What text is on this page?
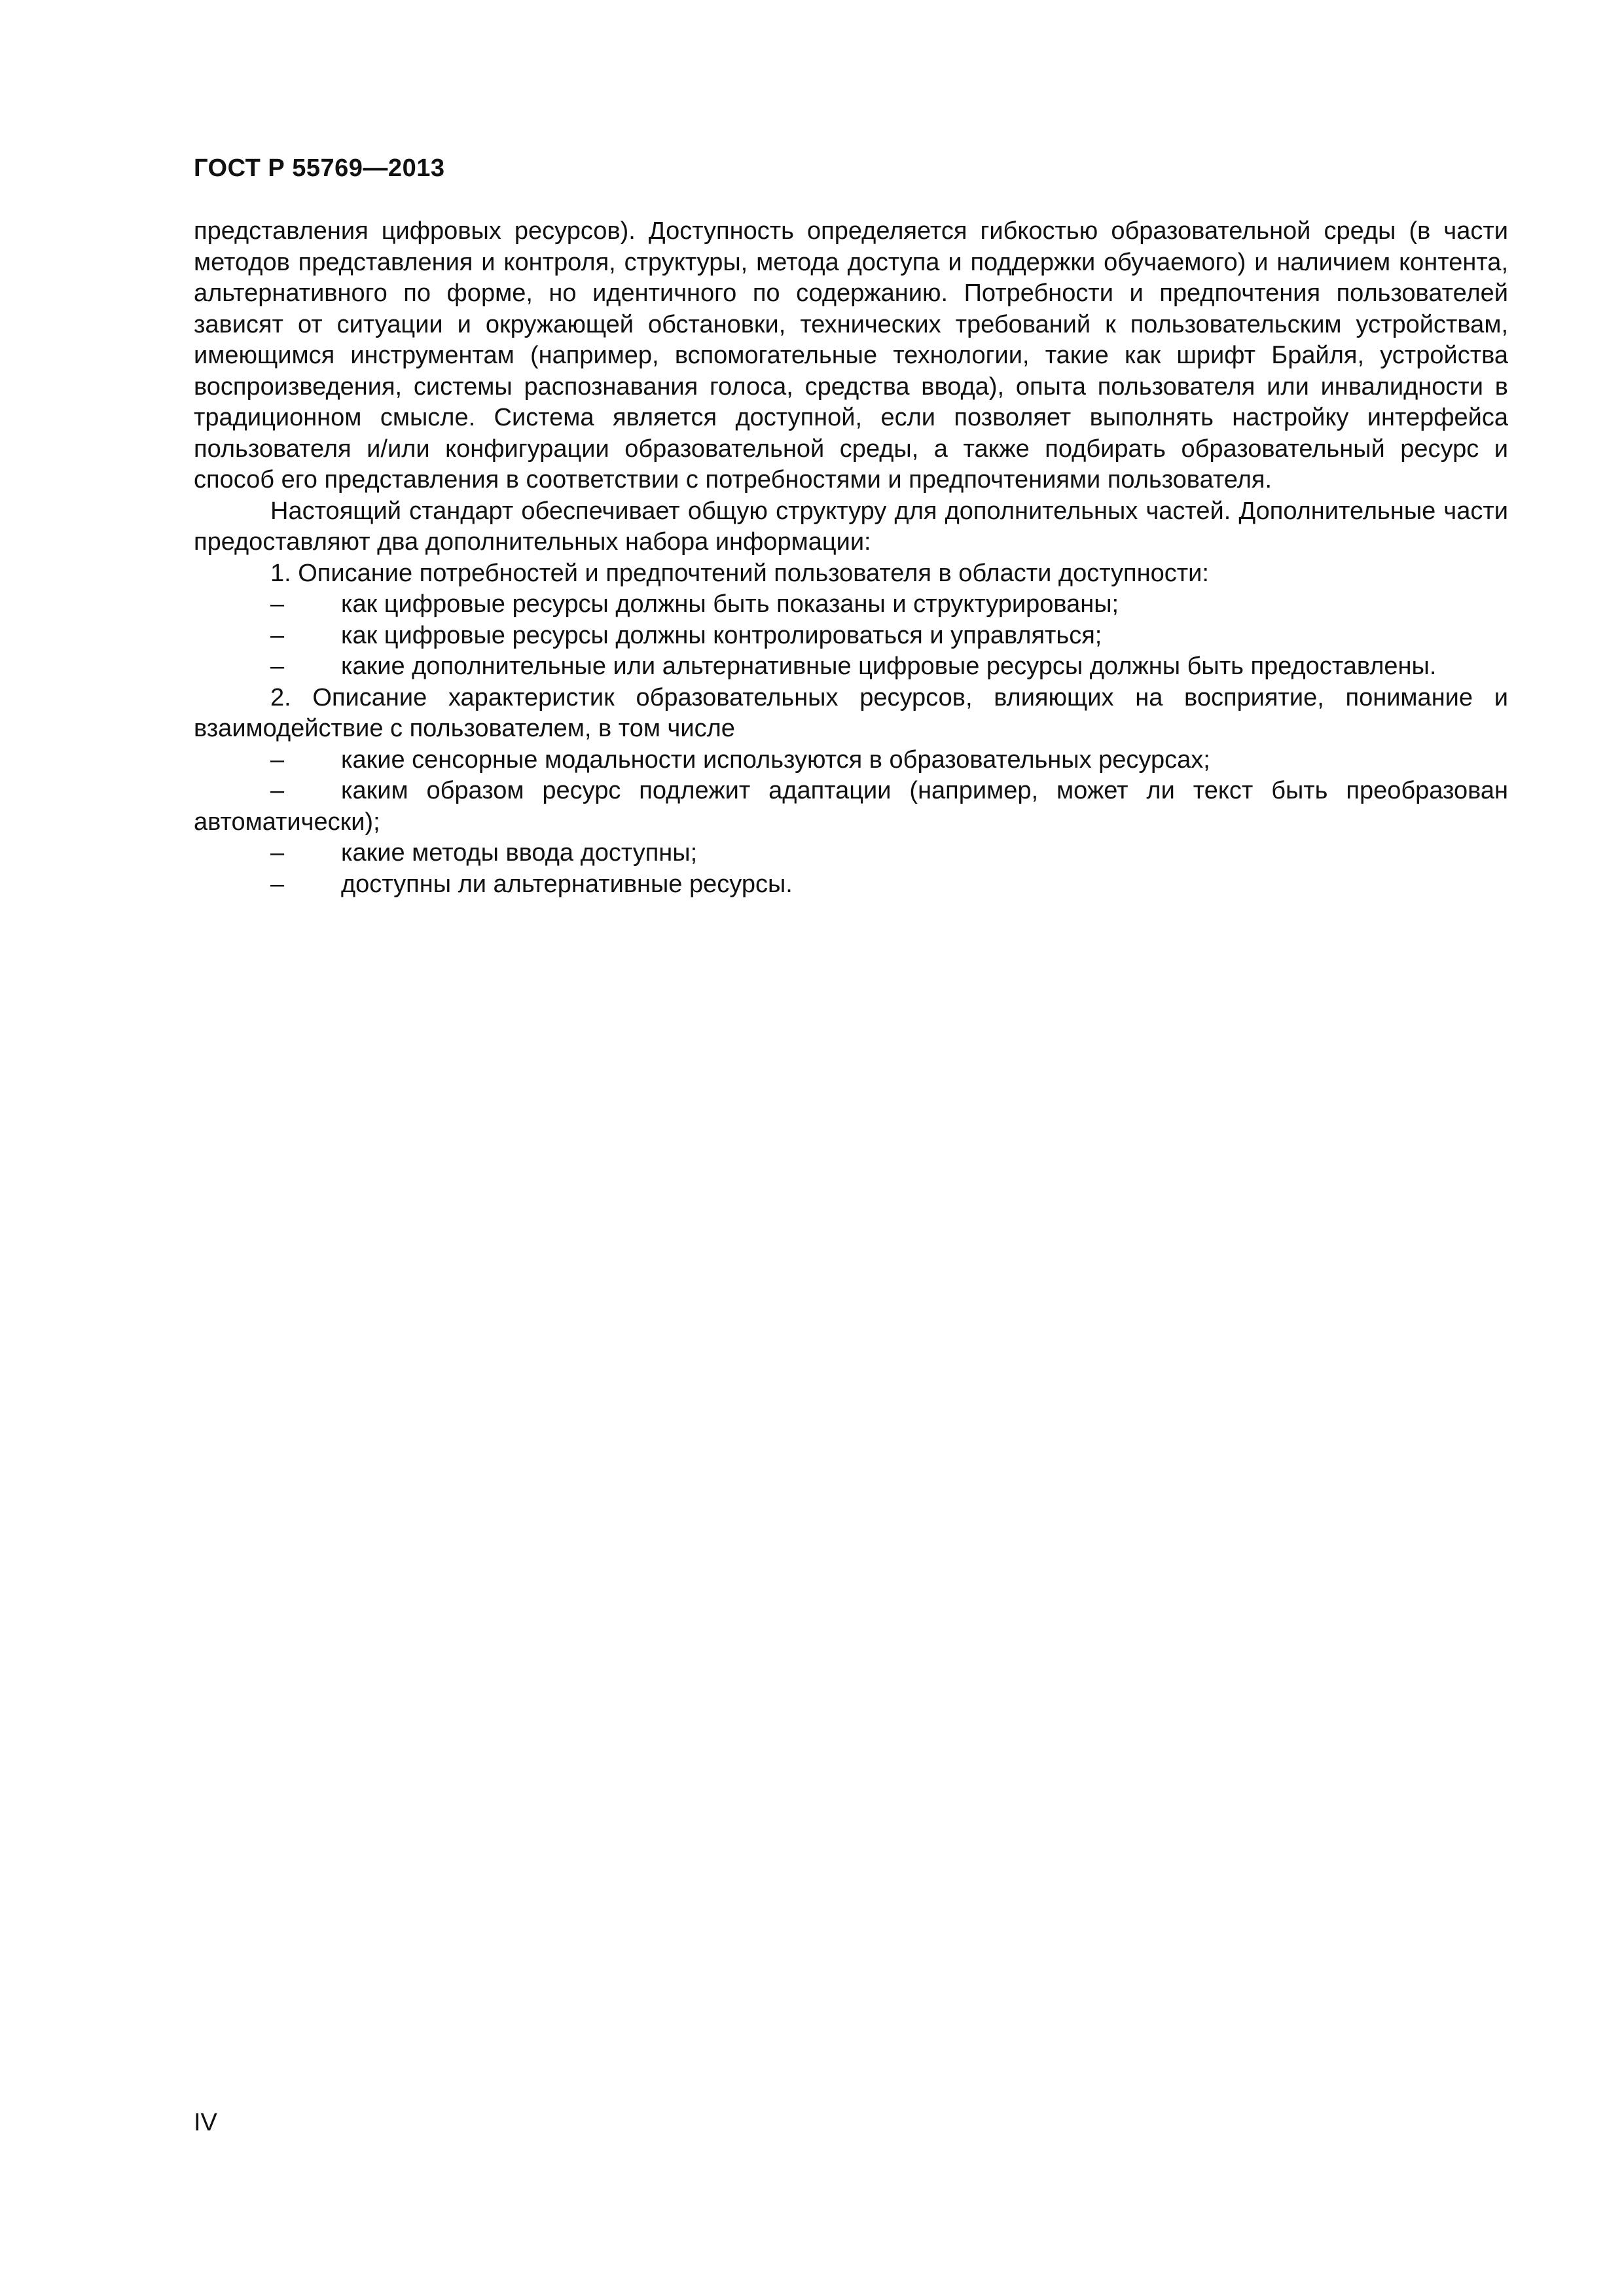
ГОСТ Р 55769—2013

представления цифровых ресурсов). Доступность определяется гибкостью образовательной среды (в части методов представления и контроля, структуры, метода доступа и поддержки обучаемого) и наличием контента, альтернативного по форме, но идентичного по содержанию. Потребности и предпочтения пользователей зависят от ситуации и окружающей обстановки, технических требований к пользовательским устройствам, имеющимся инструментам (например, вспомогательные технологии, такие как шрифт Брайля, устройства воспроизведения, системы распознавания голоса, средства ввода), опыта пользователя или инвалидности в традиционном смысле. Система является доступной, если позволяет выполнять настройку интерфейса пользователя и/или конфигурации образовательной среды, а также подбирать образовательный ресурс и способ его представления в соответствии с потребностями и предпочтениями пользователя.

Настоящий стандарт обеспечивает общую структуру для дополнительных частей. Дополнительные части предоставляют два дополнительных набора информации:

1. Описание потребностей и предпочтений пользователя в области доступности:

– как цифровые ресурсы должны быть показаны и структурированы;

– как цифровые ресурсы должны контролироваться и управляться;

– какие дополнительные или альтернативные цифровые ресурсы должны быть предоставлены.

2. Описание характеристик образовательных ресурсов, влияющих на восприятие, понимание и взаимодействие с пользователем, в том числе

– какие сенсорные модальности используются в образовательных ресурсах;

– каким образом ресурс подлежит адаптации (например, может ли текст быть преобразован автоматически);

– какие методы ввода доступны;

– доступны ли альтернативные ресурсы.

IV
